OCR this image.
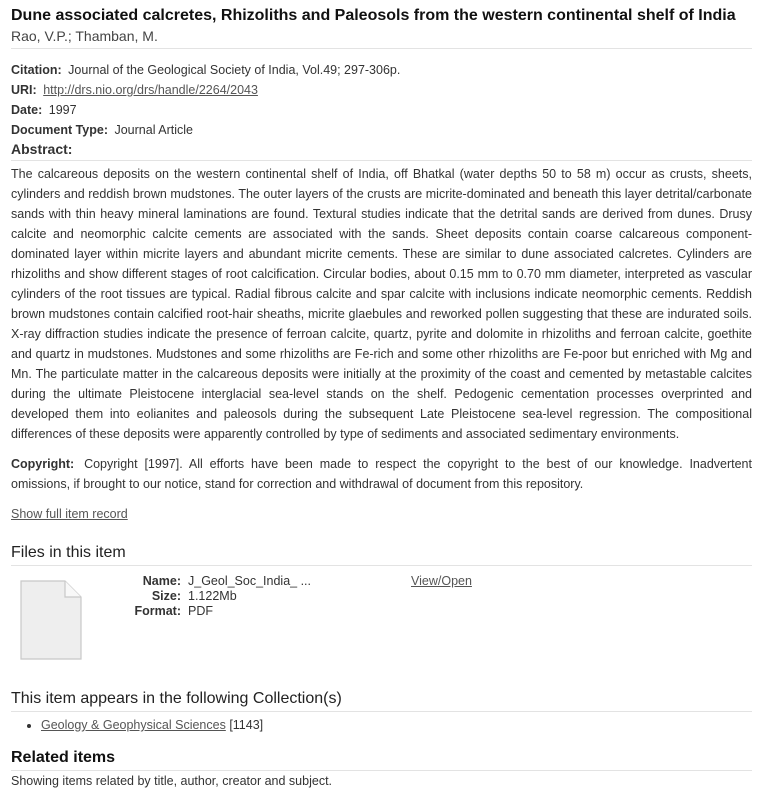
Dune associated calcretes, Rhizoliths and Paleosols from the western continental shelf of India
Rao, V.P.; Thamban, M.
Citation: Journal of the Geological Society of India, Vol.49; 297-306p.
URI: http://drs.nio.org/drs/handle/2264/2043
Date: 1997
Document Type: Journal Article
Abstract:
The calcareous deposits on the western continental shelf of India, off Bhatkal (water depths 50 to 58 m) occur as crusts, sheets, cylinders and reddish brown mudstones. The outer layers of the crusts are micrite-dominated and beneath this layer detrital/carbonate sands with thin heavy mineral laminations are found. Textural studies indicate that the detrital sands are derived from dunes. Drusy calcite and neomorphic calcite cements are associated with the sands. Sheet deposits contain coarse calcareous component-dominated layer within micrite layers and abundant micrite cements. These are similar to dune associated calcretes. Cylinders are rhizoliths and show different stages of root calcification. Circular bodies, about 0.15 mm to 0.70 mm diameter, interpreted as vascular cylinders of the root tissues are typical. Radial fibrous calcite and spar calcite with inclusions indicate neomorphic cements. Reddish brown mudstones contain calcified root-hair sheaths, micrite glaebules and reworked pollen suggesting that these are indurated soils. X-ray diffraction studies indicate the presence of ferroan calcite, quartz, pyrite and dolomite in rhizoliths and ferroan calcite, goethite and quartz in mudstones. Mudstones and some rhizoliths are Fe-rich and some other rhizoliths are Fe-poor but enriched with Mg and Mn. The particulate matter in the calcareous deposits were initially at the proximity of the coast and cemented by metastable calcites during the ultimate Pleistocene interglacial sea-level stands on the shelf. Pedogenic cementation processes overprinted and developed them into eolianites and paleosols during the subsequent Late Pleistocene sea-level regression. The compositional differences of these deposits were apparently controlled by type of sediments and associated sedimentary environments.
Copyright: Copyright [1997]. All efforts have been made to respect the copyright to the best of our knowledge. Inadvertent omissions, if brought to our notice, stand for correction and withdrawal of document from this repository.
Show full item record
Files in this item
Name: J_Geol_Soc_India_ ...
Size: 1.122Mb
Format: PDF
View/Open
This item appears in the following Collection(s)
• Geology & Geophysical Sciences [1143]
Related items
Showing items related by title, author, creator and subject.
